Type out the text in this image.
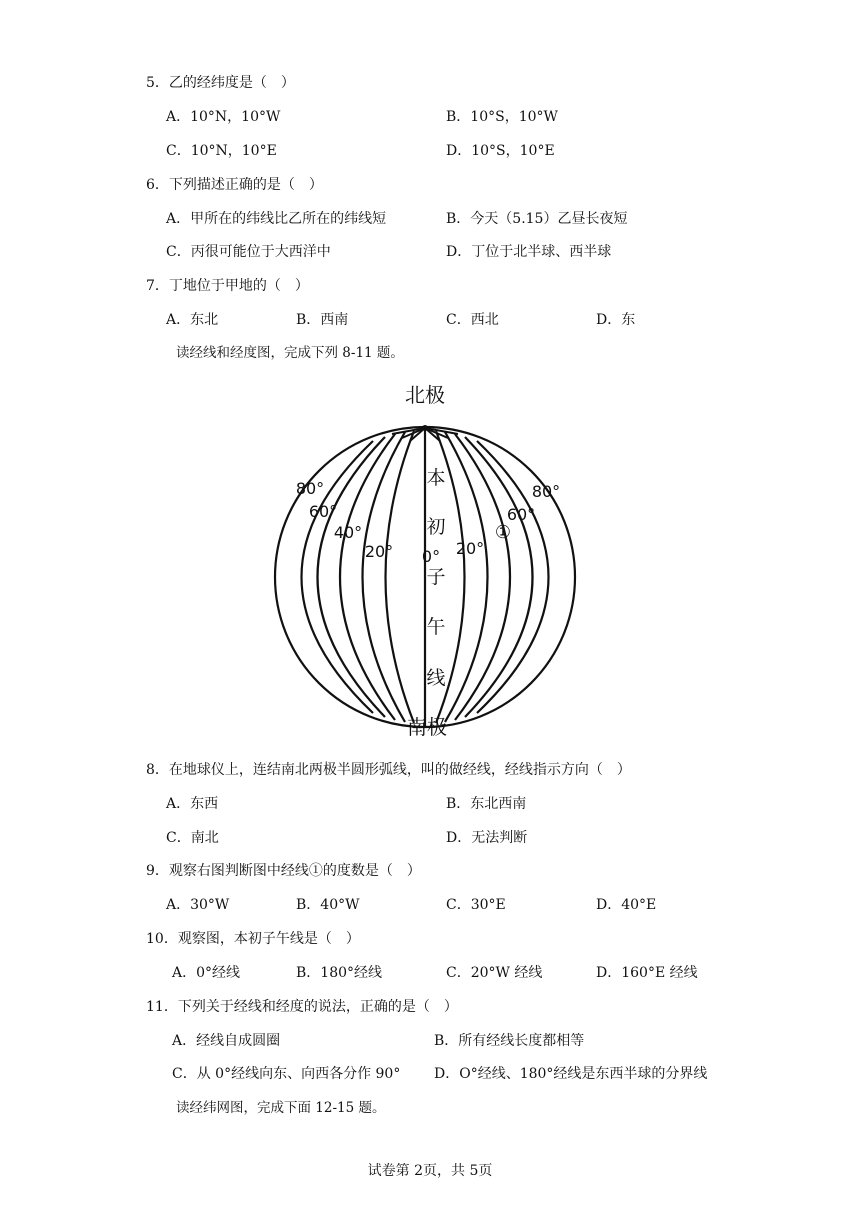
5．乙的经纬度是（　）
A．10°N，10°W	B．10°S，10°W
C．10°N，10°E	D．10°S，10°E
6．下列描述正确的是（　）
A．甲所在的纬线比乙所在的纬线短	B．今天（5.15）乙昼长夜短
C．丙很可能位于大西洋中	D．丁位于北半球、西半球
7．丁地位于甲地的（　）
A．东北	B．西南	C．西北	D．东
读经线和经度图，完成下列 8-11 题。
北极
南极
本
初
子
午
线
0°
80°
60°
40°
20°	20°
60°
80°
①
8．在地球仪上，连结南北两极半圆形弧线，叫的做经线，经线指示方向（　）
A．东西	B．东北西南
C．南北	D．无法判断
9．观察右图判断图中经线①的度数是（　）
A．30°W	B．40°W	C．30°E	D．40°E
10．观察图，本初子午线是（　）
A．0°经线	B．180°经线	C．20°W 经线	D．160°E 经线
11．下列关于经线和经度的说法，正确的是（　）
A．经线自成圆圈	B．所有经线长度都相等
C．从 0°经线向东、向西各分作 90° D．O°经线、180°经线是东西半球的分界线
读经纬网图，完成下面 12-15 题。
试卷第 2页，共 5页
